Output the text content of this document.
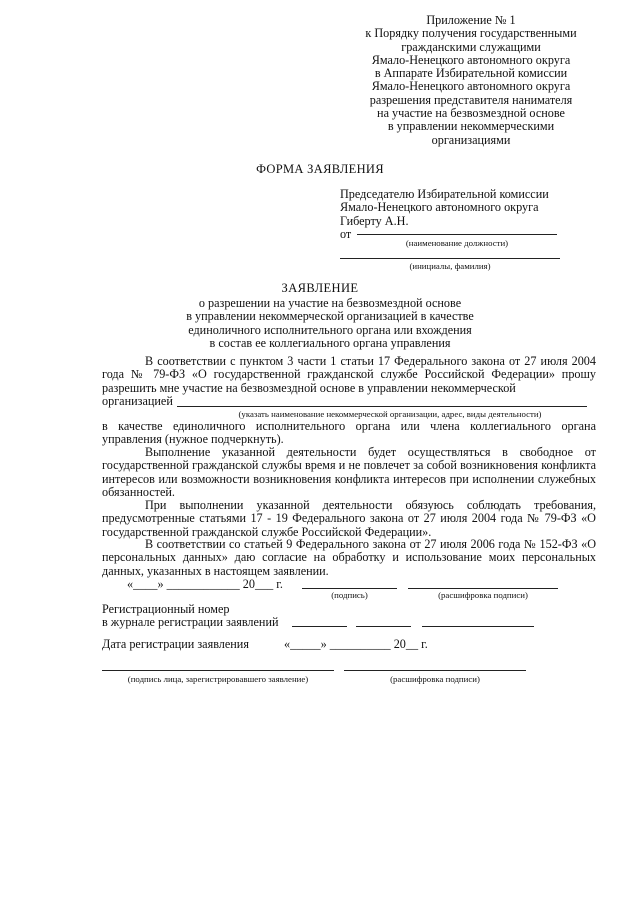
Приложение № 1
к Порядку получения государственными
гражданскими служащими
Ямало-Ненецкого автономного округа
в Аппарате Избирательной комиссии
Ямало-Ненецкого автономного округа
разрешения представителя нанимателя
на участие на безвозмездной основе
в управлении некоммерческими
организациями
ФОРМА ЗАЯВЛЕНИЯ
Председателю Избирательной комиссии
Ямало-Ненецкого автономного округа
Гиберту А.Н.
от
(наименование должности)
(инициалы, фамилия)
ЗАЯВЛЕНИЕ
о разрешении на участие на безвозмездной основе
в управлении некоммерческой организацией в качестве
единоличного исполнительного органа или вхождения
в состав ее коллегиального органа управления

В соответствии с пунктом 3 части 1 статьи 17 Федерального закона от 27 июля 2004 года № 79-ФЗ «О государственной гражданской службе Российской Федерации» прошу разрешить мне участие на безвозмездной основе в управлении некоммерческой

организацией
(указать наименование некоммерческой организации, адрес, виды деятельности)

в качестве единоличного исполнительного органа или члена коллегиального органа управления (нужное подчеркнуть).

Выполнение указанной деятельности будет осуществляться в свободное от государственной гражданской службы время и не повлечет за собой возникновения конфликта интересов или возможности возникновения конфликта интересов при исполнении служебных обязанностей.

При выполнении указанной деятельности обязуюсь соблюдать требования, предусмотренные статьями 17 - 19 Федерального закона от 27 июля 2004 года № 79-ФЗ «О государственной гражданской службе Российской Федерации».

В соответствии со статьей 9 Федерального закона от 27 июля 2006 года № 152-ФЗ «О персональных данных» даю согласие на обработку и использование моих персональных данных, указанных в настоящем заявлении.

«____» ____________ 20___ г.
(подпись)	(расшифровка подписи)
Регистрационный номер
в журнале регистрации заявлений
Дата регистрации заявления	«_____» __________ 20__ г.
(подпись лица, зарегистрировавшего заявление)	(расшифровка подписи)
